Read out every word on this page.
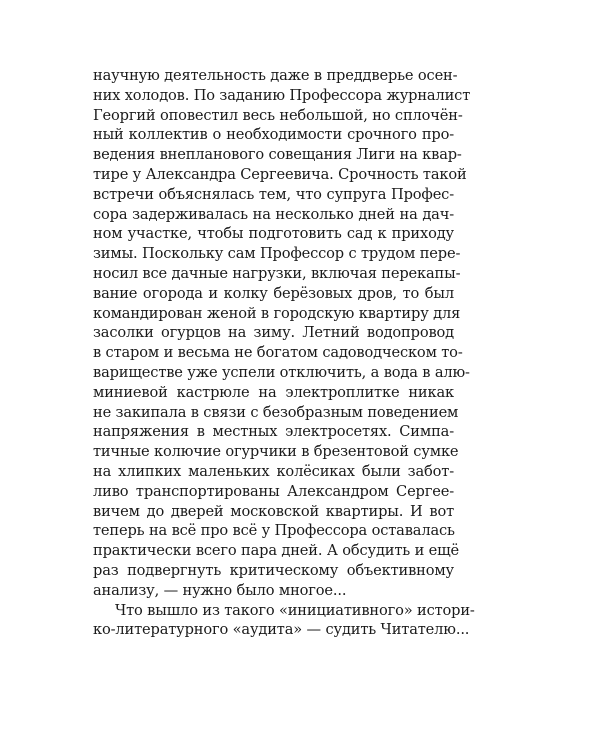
научную деятельность даже в преддверье осен-
них холодов. По заданию Профессора журналист
Георгий оповестил весь небольшой, но сплочён-
ный коллектив о необходимости срочного про-
ведения внепланового совещания Лиги на квар-
тире у Александра Сергеевича. Срочность такой
встречи объяснялась тем, что супруга Профес-
сора задерживалась на несколько дней на дач-
ном участке, чтобы подготовить сад к приходу
зимы. Поскольку сам Профессор с трудом пере-
носил все дачные нагрузки, включая перекапы-
вание огорода и колку берёзовых дров, то был
командирован женой в городскую квартиру для
засолки огурцов на зиму. Летний водопровод
в старом и весьма не богатом садоводческом то-
вариществе уже успели отключить, а вода в алю-
миниевой кастрюле на электроплитке никак
не закипала в связи с безобразным поведением
напряжения в местных электросетях. Симпа-
тичные колючие огурчики в брезентовой сумке
на хлипких маленьких колёсиках были забот-
ливо транспортированы Александром Сергее-
вичем до дверей московской квартиры. И вот
теперь на всё про всё у Профессора оставалась
практически всего пара дней. А обсудить и ещё
раз подвергнуть критическому объективному
анализу, — нужно было многое...
Что вышло из такого «инициативного» истори-
ко-литературного «аудита» — судить Читателю...
